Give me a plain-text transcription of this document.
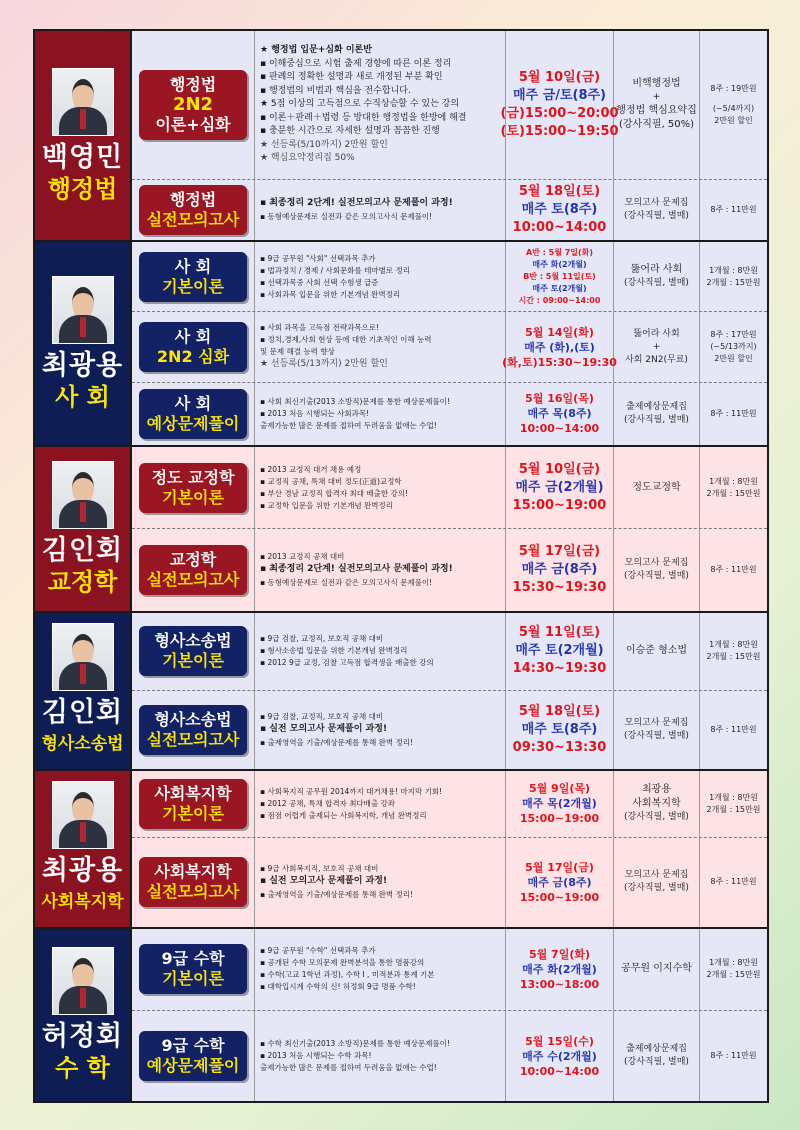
백영민
행정법
행정법
2N2
이론+심화
★ 행정법 입문+심화 이론반
▪ 이해중심으로 시험 출제 경향에 따른 이론 정리
▪ 판례의 정확한 설명과 새로 개정된 부분 확인
▪ 행정법의 비법과 핵심을 전수합니다.
★ 5점 이상의 고득점으로 수직상승할 수 있는 강의
▪ 이론＋판례＋법령 등 방대한 행정법을 한방에 해결
▪ 충분한 시간으로 자세한 설명과 꼼꼼한 진행
★ 선등록(5/10까지) 2만원 할인
★ 핵심요약정리집 50%
5월 10일(금)
매주 금/토(8주)
(금)15:00~20:00
(토)15:00~19:50
비핵행정법
+
행정법 핵심요약집
(강사직필, 50%)
8주 : 19만원
(~5/4까지)
2만원 할인
행정법
실전모의고사
▪ 최종정리 2단계! 실전모의고사 문제풀이 과정!
▪ 동형예상문제로 실전과 같은 모의고사식 문제풀이!
5월 18일(토)
매주 토(8주)
10:00~14:00
모의고사 문제집
(강사직필, 별매)
8주 : 11만원
최광용
사 회
사 회
기본이론
▪ 9급 공무원 "사회" 선택과목 추가
▪ 법과정치 / 경제 / 사회문화를 테마별로 정리
▪ 선택과목중 사회 선택 수험생 급증
▪ 사회과목 입문을 위한 기본개념 완벽정리
A반 : 5월 7일(화)
매주 화(2개월)
B반 : 5월 11일(토)
매주 토(2개월)
시간 : 09:00~14:00
뚫어라 사회
(강사직필, 별매)
1개월 : 8만원
2개월 : 15만원
사 회
2N2 심화
▪ 사회 과목을 고득점 전략과목으로!
▪ 정치,경제,사회 현상 등에 대한 기초적인 이해 능력
및 문제 해결 능력 향상
★ 선등록(5/13까지) 2만원 할인
5월 14일(화)
매주 (화),(토)
(화,토)15:30~19:30
뚫어라 사회
+
사회 2N2(무료)
8주 : 17만원
(~5/13까지)
2만원 할인
사 회
예상문제풀이
▪ 사회 최신기출(2013 소방직)문제를 통한 예상문제풀이!
▪ 2013 처음 시행되는 사회과목!
출제가능한 많은 문제를 접하여 두려움을 없애는 수업!
5월 16일(목)
매주 목(8주)
10:00~14:00
출제예상문제집
(강사직필, 별매)
8주 : 11만원
김인회
교정학
정도 교정학
기본이론
▪ 2013 교정직 대거 채용 예정
▪ 교정직 공채, 특채 대비 정도(正道)교정학
▪ 부산 경남 교정직 합격자 최대 배출한 강의!
▪ 교정학 입문을 위한 기본개념 완벽정리
5월 10일(금)
매주 금(2개월)
15:00~19:00
정도교정학
1개월 : 8만원
2개월 : 15만원
교정학
실전모의고사
▪ 2013 교정직 공채 대비
▪ 최종정리 2단계! 실전모의고사 문제풀이 과정!
▪ 동형예상문제로 실전과 같은 모의고사식 문제풀이!
5월 17일(금)
매주 금(8주)
15:30~19:30
모의고사 문제집
(강사직필, 별매)
8주 : 11만원
김인회
형사소송법
형사소송법
기본이론
▪ 9급 검찰, 교정직, 보호직 공채 대비
▪ 형사소송법 입문을 위한 기본개념 완벽정리
▪ 2012 9급 교정, 검찰 고득점 합격생을 배출한 강의
5월 11일(토)
매주 토(2개월)
14:30~19:30
이승준 형소법
1개월 : 8만원
2개월 : 15만원
형사소송법
실전모의고사
▪ 9급 검찰, 교정직, 보호직 공채 대비
▪ 실전 모의고사 문제풀이 과정!
▪ 출제영역을 기출/예상문제를 통해 완벽 정리!
5월 18일(토)
매주 토(8주)
09:30~13:30
모의고사 문제집
(강사직필, 별매)
8주 : 11만원
최광용
사회복지학
사회복지학
기본이론
▪ 사회복지직 공무원 2014까지 대거채용! 마지막 기회!
▪ 2012 공채, 특채 합격자 최다배출 강좌
▪ 점점 어렵게 출제되는 사회복지학, 개념 완벽정리
5월 9일(목)
매주 목(2개월)
15:00~19:00
최광용
사회복지학
(강사직필, 별매)
1개월 : 8만원
2개월 : 15만원
사회복지학
실전모의고사
▪ 9급 사회복지직, 보호직 공채 대비
▪ 실전 모의고사 문제풀이 과정!
▪ 출제영역을 기출/예상문제를 통해 완벽 정리!
5월 17일(금)
매주 금(8주)
15:00~19:00
모의고사 문제집
(강사직필, 별매)
8주 : 11만원
허정회
수 학
9급 수학
기본이론
▪ 9급 공무원 "수학" 선택과목 추가
▪ 공개된 수학 모의문제 완벽분석을 통한 명품강의
▪ 수학(고교 1학년 과정), 수학 I , 미적분과 통계 기본
▪ 대학입시계 수학의 신! 허정회 9급 명품 수학!
5월 7일(화)
매주 화(2개월)
13:00~18:00
공무원 이지수학
1개월 : 8만원
2개월 : 15만원
9급 수학
예상문제풀이
▪ 수학 최신기출(2013 소방직)문제를 통한 예상문제풀이!
▪ 2013 처음 시행되는 수학 과목!
출제가능한 많은 문제를 접하여 두려움을 없애는 수업!
5월 15일(수)
매주 수(2개월)
10:00~14:00
출제예상문제집
(강사직필, 별매)
8주 : 11만원
